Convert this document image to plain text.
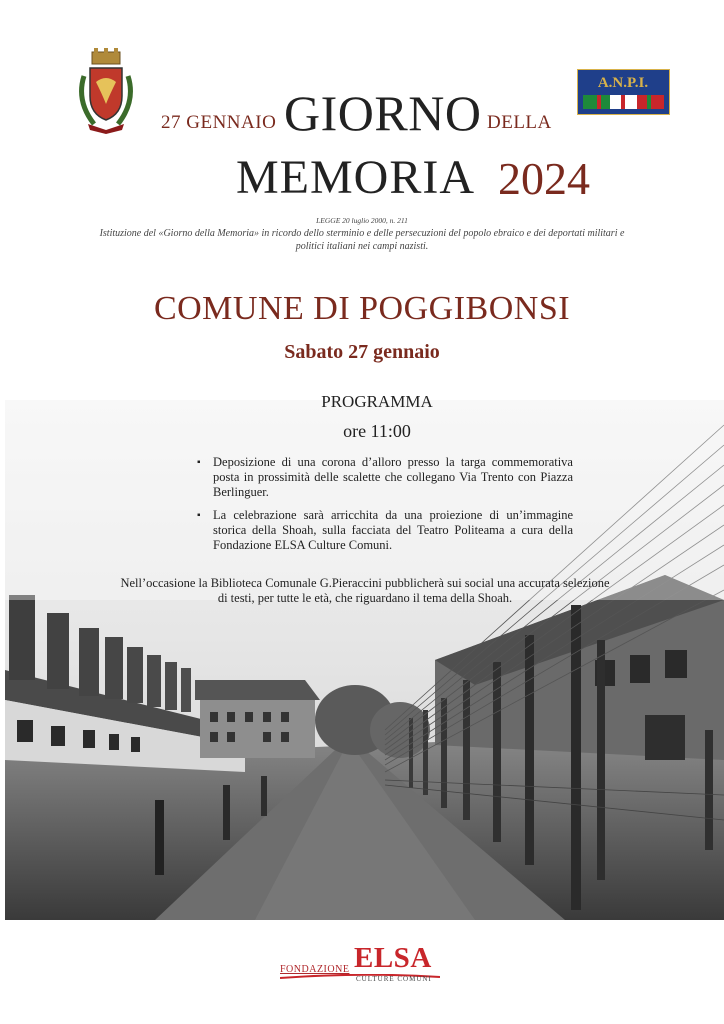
A.N.P.I.
27 GENNAIO GIORNO DELLA
MEMORIA 2024
LEGGE 20 luglio 2000, n. 211
Istituzione del «Giorno della Memoria» in ricordo dello sterminio e delle persecuzioni del popolo ebraico e dei deportati militari e politici italiani nei campi nazisti.
COMUNE DI POGGIBONSI
Sabato 27 gennaio
PROGRAMMA
ore 11:00
▪ Deposizione di una corona d’alloro presso la targa commemorativa posta in prossimità delle scalette che collegano Via Trento con Piazza Berlinguer.
▪ La celebrazione sarà arricchita da una proiezione di un’immagine storica della Shoah, sulla facciata del Teatro Politeama a cura della Fondazione ELSA Culture Comuni.
Nell’occasione la Biblioteca Comunale G.Pieraccini pubblicherà sui social una accurata selezione di testi, per tutte le età, che riguardano il tema della Shoah.
FONDAZIONE ELSA
CULTURE COMUNI
